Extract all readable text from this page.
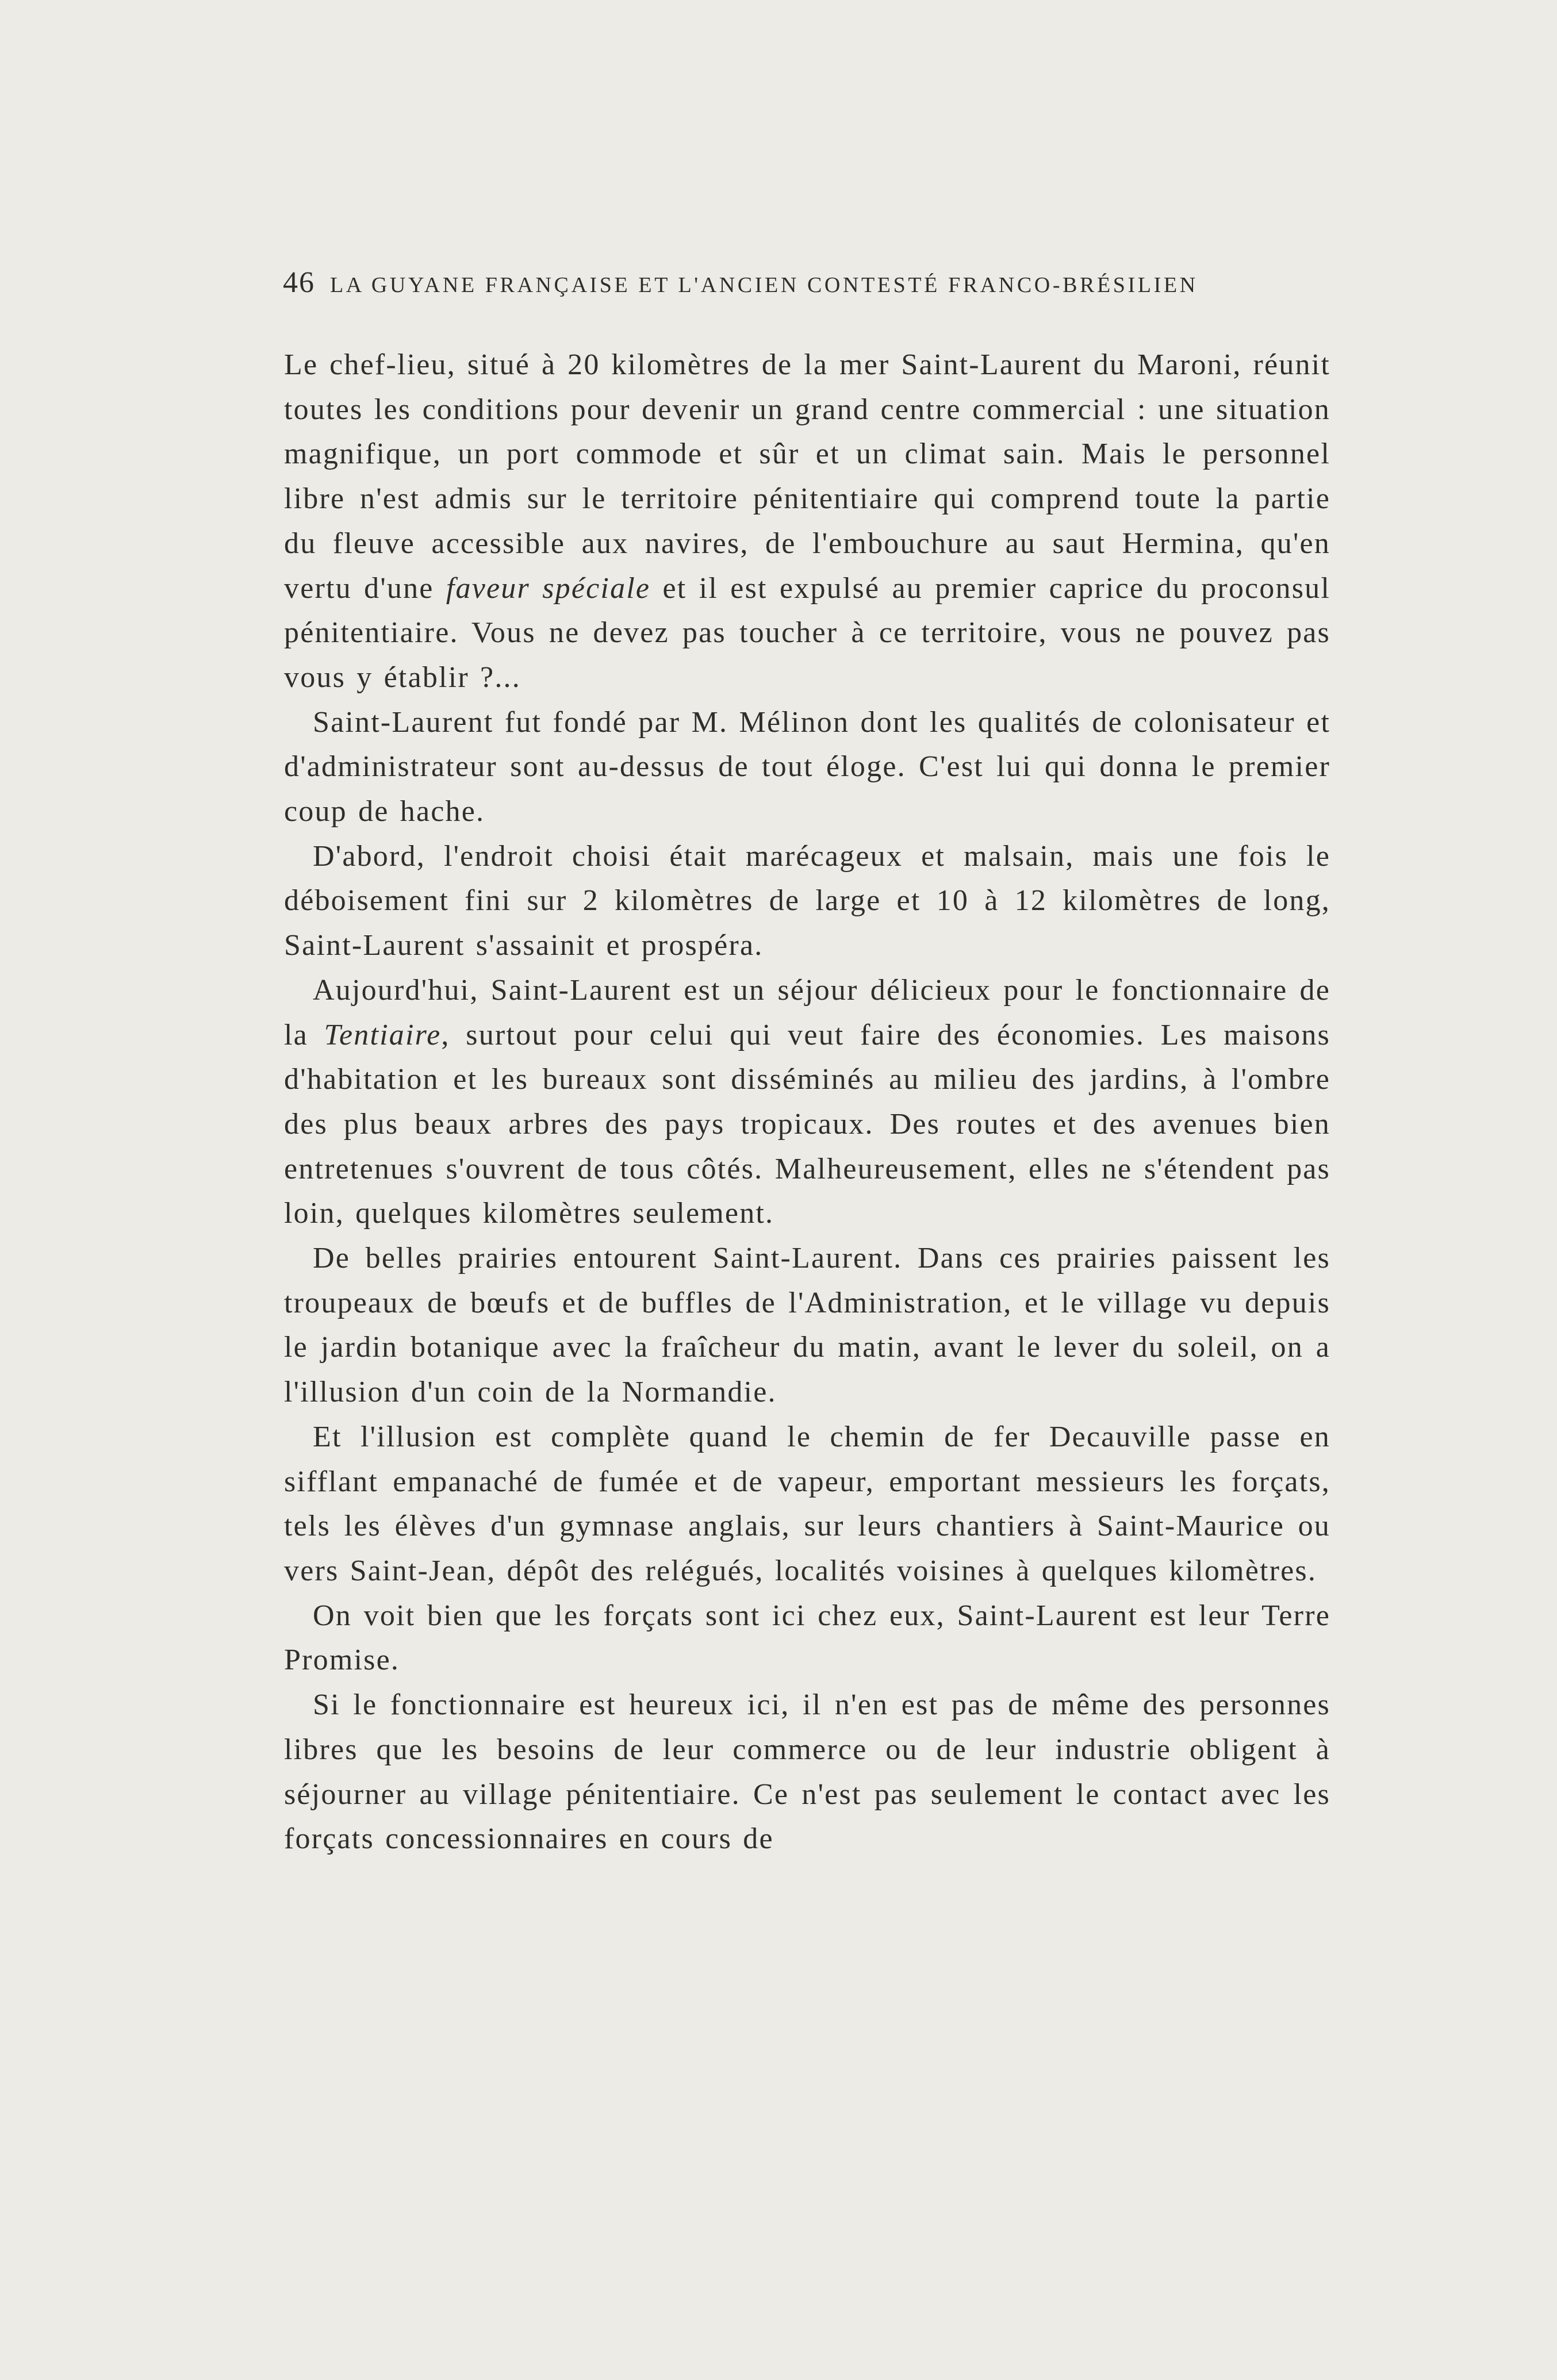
46 LA GUYANE FRANÇAISE ET L'ANCIEN CONTESTÉ FRANCO-BRÉSILIEN

Le chef-lieu, situé à 20 kilomètres de la mer Saint-Laurent du Maroni, réunit toutes les conditions pour devenir un grand centre commercial : une situation magnifique, un port commode et sûr et un climat sain. Mais le personnel libre n'est admis sur le territoire pénitentiaire qui comprend toute la partie du fleuve accessible aux navires, de l'embouchure au saut Hermina, qu'en vertu d'une faveur spéciale et il est expulsé au premier caprice du proconsul pénitentiaire. Vous ne devez pas toucher à ce territoire, vous ne pouvez pas vous y établir ?...

Saint-Laurent fut fondé par M. Mélinon dont les qualités de colonisateur et d'administrateur sont au-dessus de tout éloge. C'est lui qui donna le premier coup de hache.

D'abord, l'endroit choisi était marécageux et malsain, mais une fois le déboisement fini sur 2 kilomètres de large et 10 à 12 kilomètres de long, Saint-Laurent s'assainit et prospéra.

Aujourd'hui, Saint-Laurent est un séjour délicieux pour le fonctionnaire de la Tentiaire, surtout pour celui qui veut faire des économies. Les maisons d'habitation et les bureaux sont disséminés au milieu des jardins, à l'ombre des plus beaux arbres des pays tropicaux. Des routes et des avenues bien entretenues s'ouvrent de tous côtés. Malheureusement, elles ne s'étendent pas loin, quelques kilomètres seulement.

De belles prairies entourent Saint-Laurent. Dans ces prairies paissent les troupeaux de bœufs et de buffles de l'Administration, et le village vu depuis le jardin botanique avec la fraîcheur du matin, avant le lever du soleil, on a l'illusion d'un coin de la Normandie.

Et l'illusion est complète quand le chemin de fer Decauville passe en sifflant empanaché de fumée et de vapeur, emportant messieurs les forçats, tels les élèves d'un gymnase anglais, sur leurs chantiers à Saint-Maurice ou vers Saint-Jean, dépôt des relégués, localités voisines à quelques kilomètres.

On voit bien que les forçats sont ici chez eux, Saint-Laurent est leur Terre Promise.

Si le fonctionnaire est heureux ici, il n'en est pas de même des personnes libres que les besoins de leur commerce ou de leur industrie obligent à séjourner au village pénitentiaire. Ce n'est pas seulement le contact avec les forçats concessionnaires en cours de
